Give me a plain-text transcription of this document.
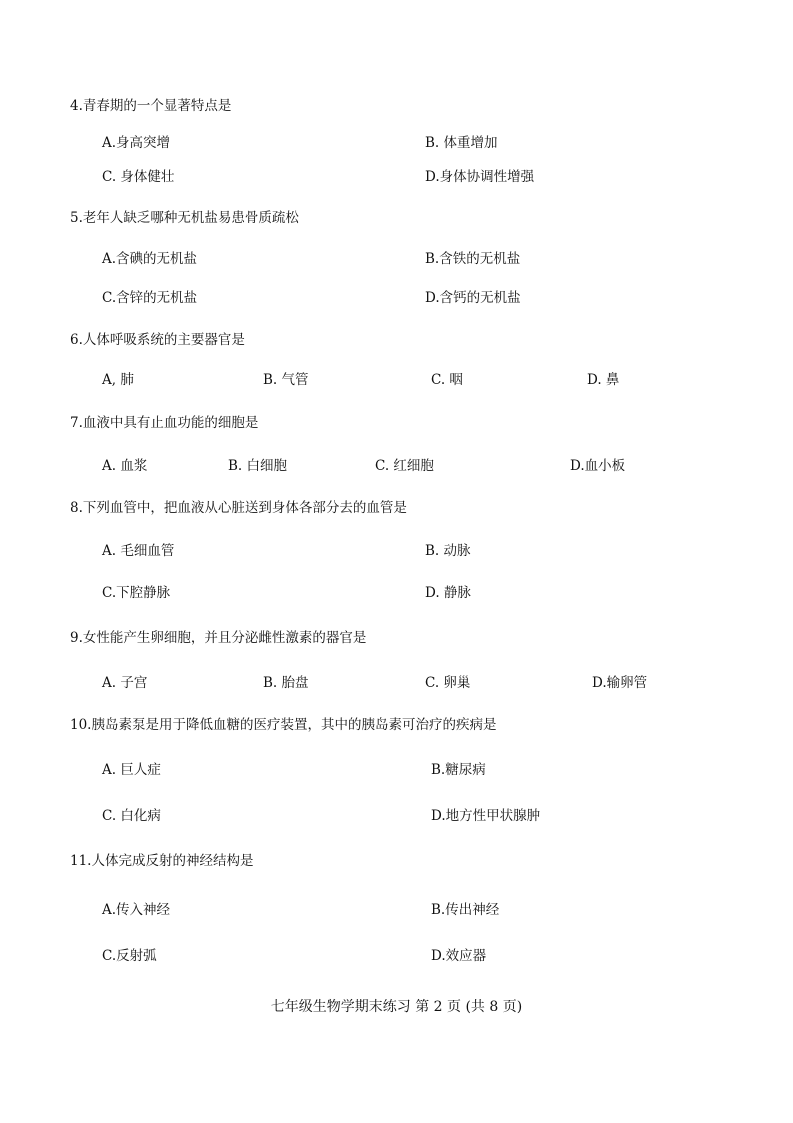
4.青春期的一个显著特点是
A.身高突增	B. 体重增加
C. 身体健壮	D.身体协调性增强
5.老年人缺乏哪种无机盐易患骨质疏松
A.含碘的无机盐	B.含铁的无机盐
C.含锌的无机盐	D.含钙的无机盐
6.人体呼吸系统的主要器官是
A, 肺	B. 气管	C. 咽	D. 鼻
7.血液中具有止血功能的细胞是
A. 血浆	B. 白细胞	C. 红细胞	D.血小板
8.下列血管中，把血液从心脏送到身体各部分去的血管是
A. 毛细血管	B. 动脉
C.下腔静脉	D. 静脉
9.女性能产生卵细胞，并且分泌雌性激素的器官是
A. 子宫	B. 胎盘	C. 卵巢	D.输卵管
10.胰岛素泵是用于降低血糖的医疗装置，其中的胰岛素可治疗的疾病是
A. 巨人症	B.糖尿病
C. 白化病	D.地方性甲状腺肿
11.人体完成反射的神经结构是
A.传入神经	B.传出神经
C.反射弧	D.效应器
七年级生物学期末练习 第 2 页 (共 8 页)
